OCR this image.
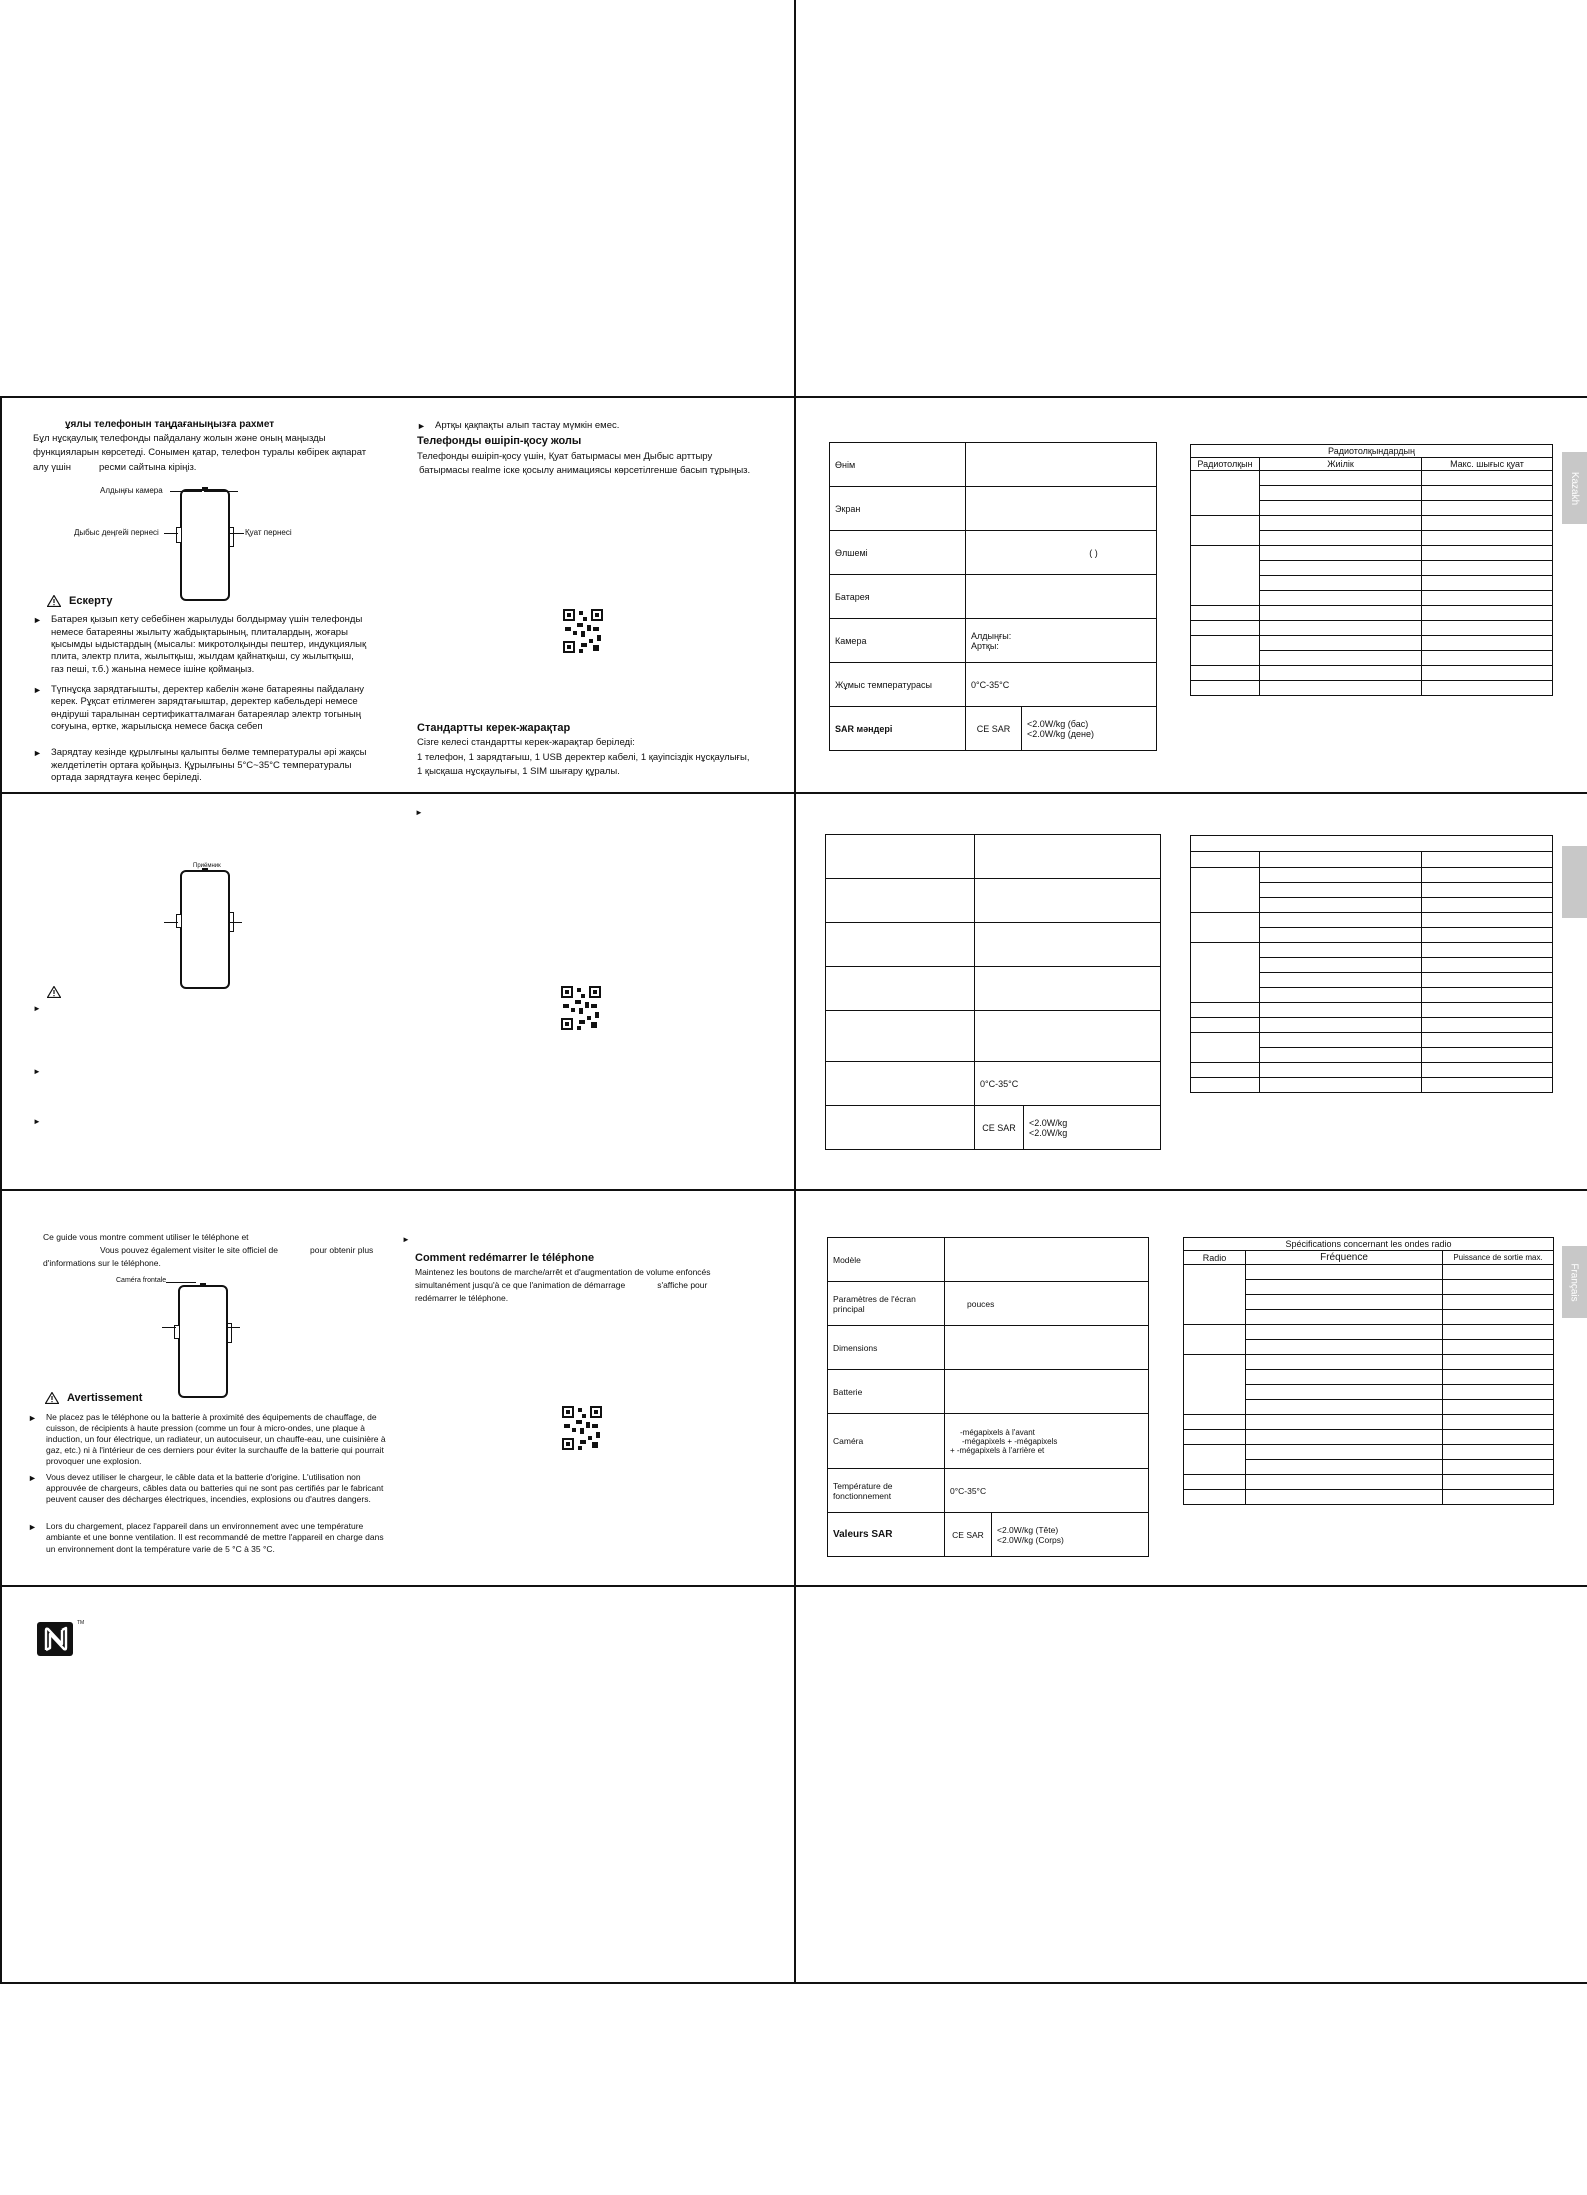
ұялы телефонын таңдағаныңызға рахмет

Бұл нұсқаулық телефонды пайдалану жолын және оның маңызды

функцияларын көрсетеді. Сонымен қатар, телефон туралы көбірек ақпарат

алу үшін	ресми сайтына кіріңіз.

Алдыңғы камера
Дыбыс деңгейі пернесі	Қуат пернесі
Ескерту
► Батарея қызып кету себебінен жарылуды болдырмау үшін телефонды немесе батареяны жылыту жабдықтарының, плиталардың, жоғары қысымды ыдыстардың (мысалы: микротолқынды пештер, индукциялық плита, электр плита, жылытқыш, жылдам қайнатқыш, су жылытқыш, газ пеші, т.б.) жанына немесе ішіне қоймаңыз.
► Түпнұсқа зарядтағышты, деректер кабелін және батареяны пайдалану керек. Рұқсат етілмеген зарядтағыштар, деректер кабельдері немесе өндіруші таралынан сертификатталмаған батареялар электр тогының соғуына, өртке, жарылысқа немесе басқа себеп
► Зарядтау кезінде құрылғыны қалыпты бөлме температуралы әрі жақсы желдетілетін ортаға қойыңыз. Құрылғыны 5°C~35°C температуралы ортада зарядтауға кеңес беріледі.
► Артқы қақпақты алып тастау мүмкін емес.

Телефонды өшіріп-қосу жолы

Телефонды өшіріп-қосу үшін, Қуат батырмасы мен Дыбыс арттыру

батырмасы realme іске қосылу анимациясы көрсетілгенше басып тұрыңыз.

Стандартты керек-жарақтар

Сізге келесі стандартты керек-жарақтар беріледі:

1 телефон, 1 зарядтағыш, 1 USB деректер кабелі, 1 қауіпсіздік нұсқаулығы,

1 қысқаша нұсқаулығы, 1 SIM шығару құралы.

Өнім		
Экран		
Өлшемі	( )	
Батарея		
Камера	Алдыңғы:
Артқы:	

Жұмыс температурасы	0°C-35°C	
SAR мәндері	CE SAR	<2.0W/kg (бас)
<2.0W/kg (дене)
Радиотолқындардың		
Радиотолқын	Жиілік	Макс. шығыс қуат

Kazakh
Приёмник
►
►
►
►

	0°C-35°C	
	CE SAR	<2.0W/kg
<2.0W/kg

Ce guide vous montre comment utiliser le téléphone et

Vous pouvez également visiter le site officiel de	pour obtenir plus

d'informations sur le téléphone.

Caméra frontale
Avertissement
► Ne placez pas le téléphone ou la batterie à proximité des équipements de chauffage, de cuisson, de récipients à haute pression (comme un four à micro-ondes, une plaque à induction, un four électrique, un radiateur, un autocuiseur, un chauffe-eau, une cuisinière à gaz, etc.) ni à l'intérieur de ces derniers pour éviter la surchauffe de la batterie qui pourrait provoquer une explosion.
► Vous devez utiliser le chargeur, le câble data et la batterie d'origine. L'utilisation non approuvée de chargeurs, câbles data ou batteries qui ne sont pas certifiés par le fabricant peuvent causer des décharges électriques, incendies, explosions ou d'autres dangers.
► Lors du chargement, placez l'appareil dans un environnement avec une température ambiante et une bonne ventilation. Il est recommandé de mettre l'appareil en charge dans un environnement dont la température varie de 5 °C à 35 °C.
►

Comment redémarrer le téléphone

Maintenez les boutons de marche/arrêt et d'augmentation de volume enfoncés

simultanément jusqu'à ce que l'animation de démarrage	s'affiche pour

redémarrer le téléphone.

Modèle		
Paramètres de l'écran principal	pouces	
Dimensions		
Batterie		
Caméra	-mégapixels à l'avant
-mégapixels + -mégapixels
+ -mégapixels à l'arrière et	

Température de fonctionnement	0°C-35°C	
Valeurs SAR	CE SAR	<2.0W/kg (Tête)
<2.0W/kg (Corps)
Spécifications concernant les ondes radio		
Radio	Fréquence	Puissance de sortie max.

Français
TM
